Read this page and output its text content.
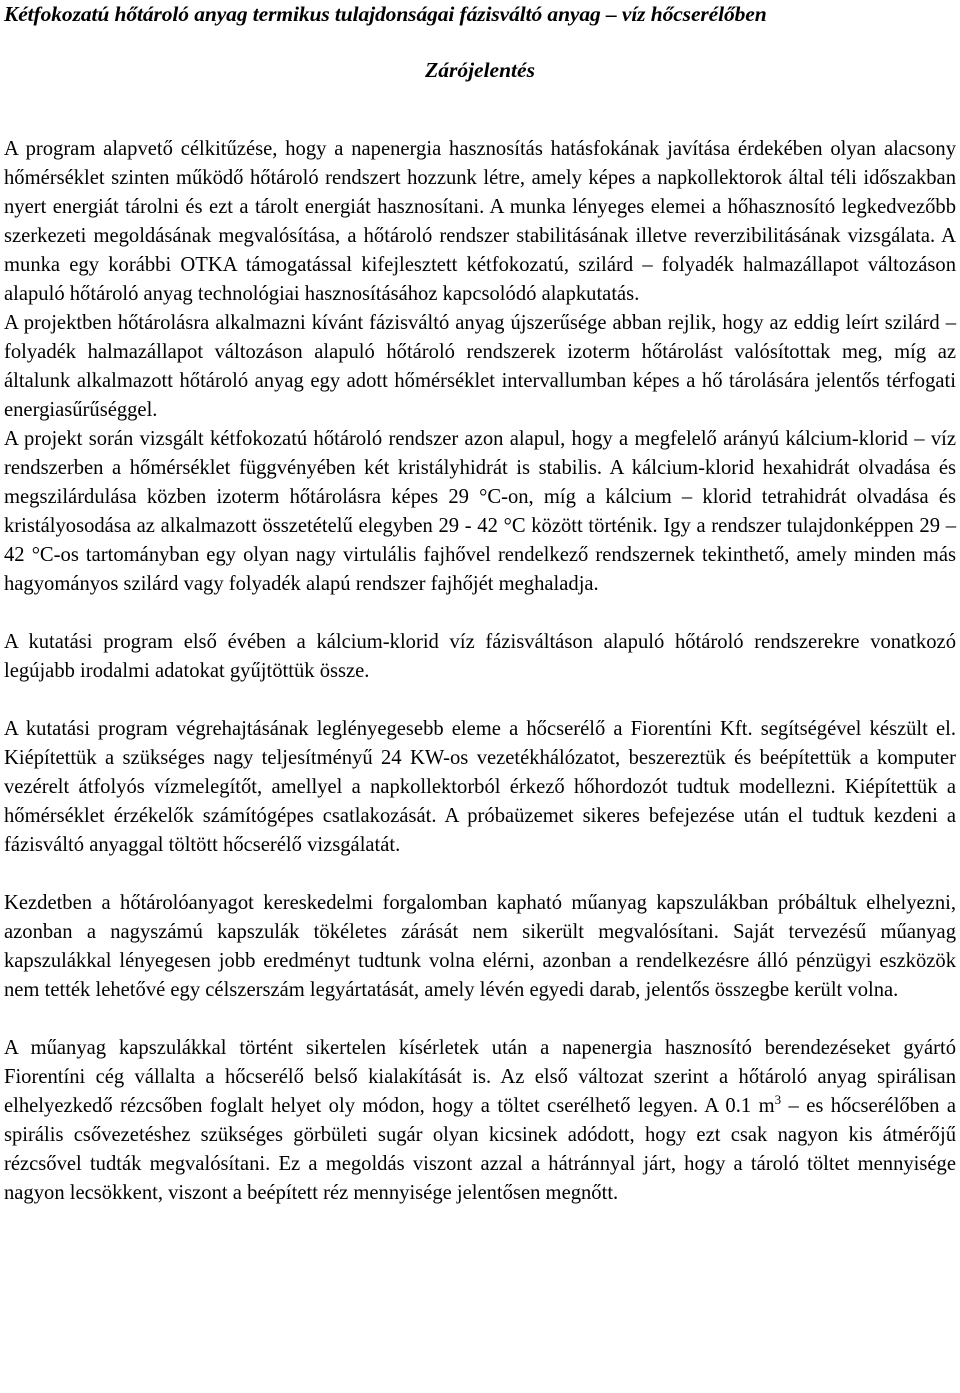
Kétfokozatú hőtároló anyag termikus tulajdonságai fázisváltó anyag – víz hőcserélőben
Zárójelentés

A program alapvető célkitűzése, hogy a napenergia hasznosítás hatásfokának javítása érdekében olyan alacsony hőmérséklet szinten működő hőtároló rendszert hozzunk létre, amely képes a napkollektorok által téli időszakban nyert energiát tárolni és ezt a tárolt energiát hasznosítani. A munka lényeges elemei a hőhasznosító legkedvezőbb szerkezeti megoldásának megvalósítása, a hőtároló rendszer stabilitásának illetve reverzibilitásának vizsgálata. A munka egy korábbi OTKA támogatással kifejlesztett kétfokozatú, szilárd – folyadék halmazállapot változáson alapuló hőtároló anyag technológiai hasznosításához kapcsolódó alapkutatás.

A projektben hőtárolásra alkalmazni kívánt fázisváltó anyag újszerűsége abban rejlik, hogy az eddig leírt szilárd – folyadék halmazállapot változáson alapuló hőtároló rendszerek izoterm hőtárolást valósítottak meg, míg az általunk alkalmazott hőtároló anyag egy adott hőmérséklet intervallumban képes a hő tárolására jelentős térfogati energiasűrűséggel.

A projekt során vizsgált kétfokozatú hőtároló rendszer azon alapul, hogy a megfelelő arányú kálcium-klorid – víz rendszerben a hőmérséklet függvényében két kristályhidrát is stabilis. A kálcium-klorid hexahidrát olvadása és megszilárdulása közben izoterm hőtárolásra képes 29 °C-on, míg a kálcium – klorid tetrahidrát olvadása és kristályosodása az alkalmazott összetételű elegyben 29 - 42 °C között történik. Igy a rendszer tulajdonképpen 29 – 42 °C-os tartományban egy olyan nagy virtulális fajhővel rendelkező rendszernek tekinthető, amely minden más hagyományos szilárd vagy folyadék alapú rendszer fajhőjét meghaladja.

A kutatási program első évében a kálcium-klorid víz fázisváltáson alapuló hőtároló rendszerekre vonatkozó legújabb irodalmi adatokat gyűjtöttük össze.

A kutatási program végrehajtásának leglényegesebb eleme a hőcserélő a Fiorentíni Kft. segítségével készült el. Kiépítettük a szükséges nagy teljesítményű 24 KW-os vezetékhálózatot, beszereztük és beépítettük a komputer vezérelt átfolyós vízmelegítőt, amellyel a napkollektorból érkező hőhordozót tudtuk modellezni. Kiépítettük a hőmérséklet érzékelők számítógépes csatlakozását. A próbaüzemet sikeres befejezése után el tudtuk kezdeni a fázisváltó anyaggal töltött hőcserélő vizsgálatát.

Kezdetben a hőtárolóanyagot kereskedelmi forgalomban kapható műanyag kapszulákban próbáltuk elhelyezni, azonban a nagyszámú kapszulák tökéletes zárását nem sikerült megvalósítani. Saját tervezésű műanyag kapszulákkal lényegesen jobb eredményt tudtunk volna elérni, azonban a rendelkezésre álló pénzügyi eszközök nem tették lehetővé egy célszerszám legyártatását, amely lévén egyedi darab, jelentős összegbe került volna.

A műanyag kapszulákkal történt sikertelen kísérletek után a napenergia hasznosító berendezéseket gyártó Fiorentíni cég vállalta a hőcserélő belső kialakítását is. Az első változat szerint a hőtároló anyag spirálisan elhelyezkedő rézcsőben foglalt helyet oly módon, hogy a töltet cserélhető legyen. A 0.1 $m^3$ – es hőcserélőben a spirális csővezetéshez szükséges görbületi sugár olyan kicsinek adódott, hogy ezt csak nagyon kis átmérőjű rézcsővel tudták megvalósítani. Ez a megoldás viszont azzal a hátránnyal járt, hogy a tároló töltet mennyisége nagyon lecsökkent, viszont a beépített réz mennyisége jelentősen megnőtt.
